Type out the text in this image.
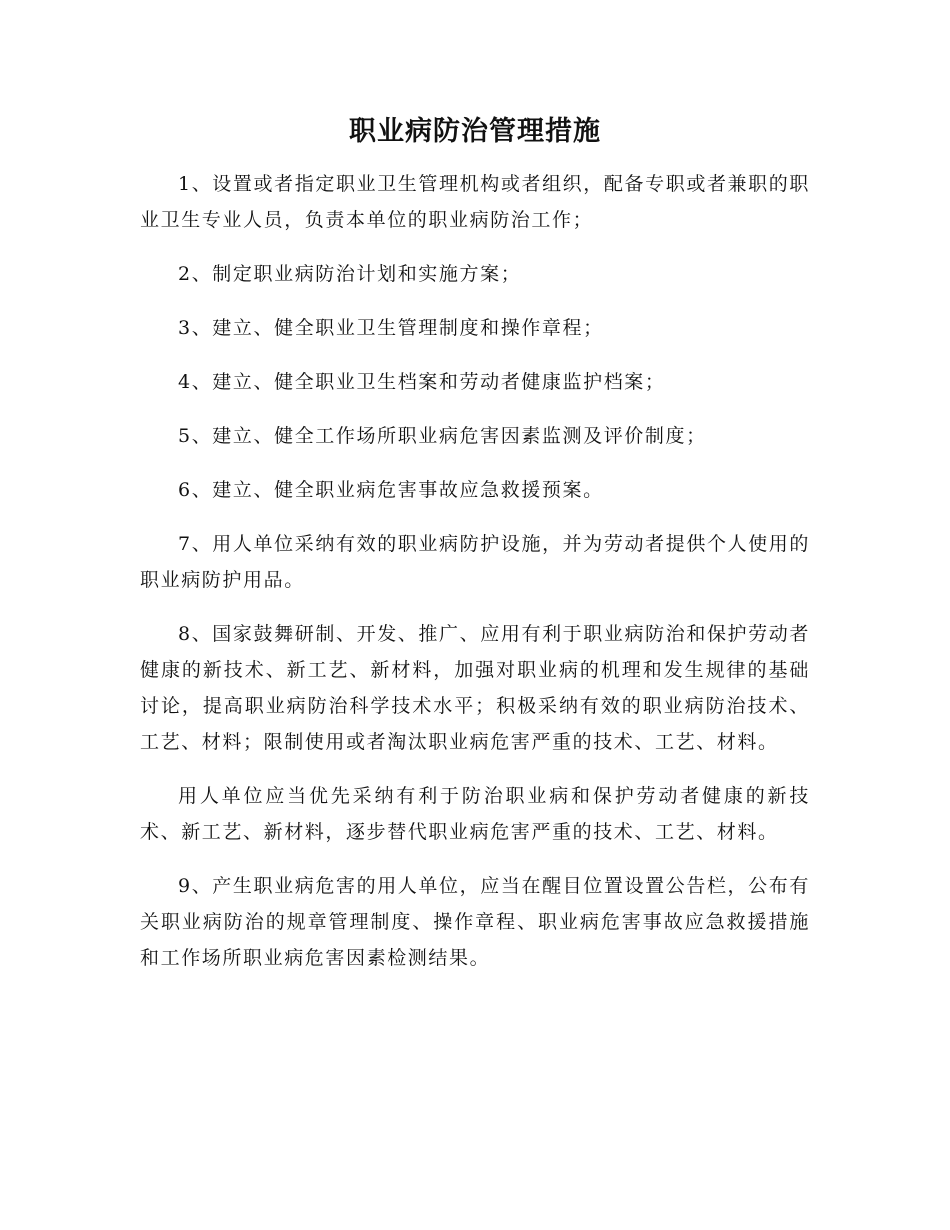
职业病防治管理措施

1、设置或者指定职业卫生管理机构或者组织，配备专职或者兼职的职业卫生专业人员，负责本单位的职业病防治工作；

2、制定职业病防治计划和实施方案；

3、建立、健全职业卫生管理制度和操作章程；

4、建立、健全职业卫生档案和劳动者健康监护档案；

5、建立、健全工作场所职业病危害因素监测及评价制度；

6、建立、健全职业病危害事故应急救援预案。

7、用人单位采纳有效的职业病防护设施，并为劳动者提供个人使用的职业病防护用品。

8、国家鼓舞研制、开发、推广、应用有利于职业病防治和保护劳动者健康的新技术、新工艺、新材料，加强对职业病的机理和发生规律的基础讨论，提高职业病防治科学技术水平；积极采纳有效的职业病防治技术、工艺、材料；限制使用或者淘汰职业病危害严重的技术、工艺、材料。

用人单位应当优先采纳有利于防治职业病和保护劳动者健康的新技术、新工艺、新材料，逐步替代职业病危害严重的技术、工艺、材料。

9、产生职业病危害的用人单位，应当在醒目位置设置公告栏，公布有关职业病防治的规章管理制度、操作章程、职业病危害事故应急救援措施和工作场所职业病危害因素检测结果。
